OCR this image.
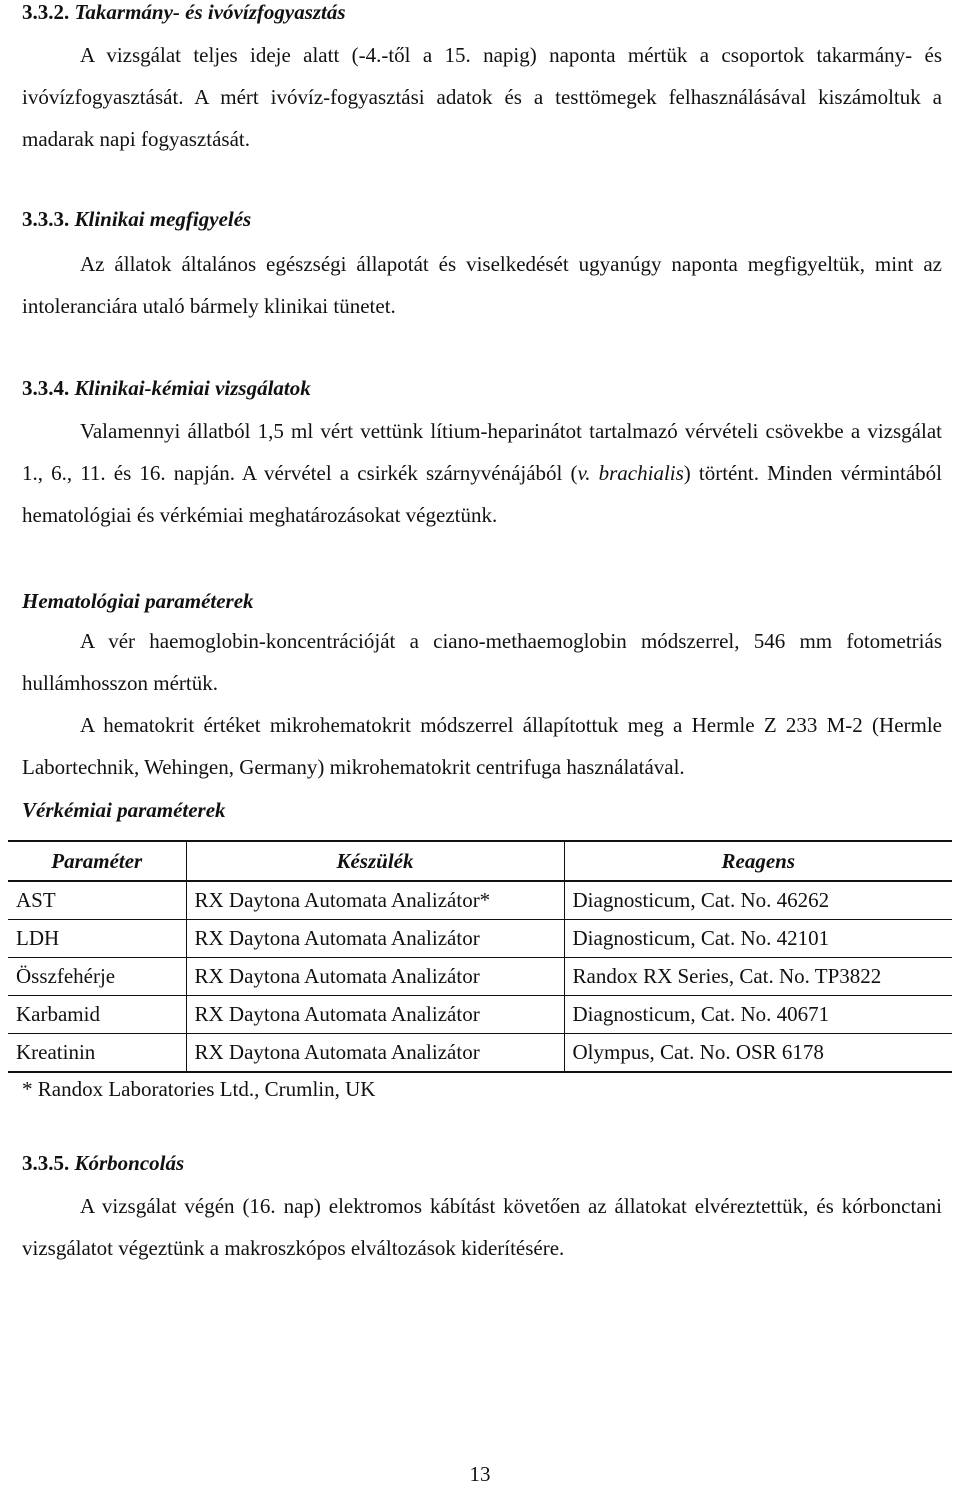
3.3.2. Takarmány- és ivóvízfogyasztás
A vizsgálat teljes ideje alatt (-4.-től a 15. napig) naponta mértük a csoportok takarmány- és ivóvízfogyasztását. A mért ivóvíz-fogyasztási adatok és a testtömegek felhasználásával kiszámoltuk a madarak napi fogyasztását.
3.3.3. Klinikai megfigyelés
Az állatok általános egészségi állapotát és viselkedését ugyanúgy naponta megfigyeltük, mint az intoleranciára utaló bármely klinikai tünetet.
3.3.4. Klinikai-kémiai vizsgálatok
Valamennyi állatból 1,5 ml vért vettünk lítium-heparinátot tartalmazó vérvételi csövekbe a vizsgálat 1., 6., 11. és 16. napján. A vérvétel a csirkék szárnyvénájából (v. brachialis) történt. Minden vérmintából hematológiai és vérkémiai meghatározásokat végeztünk.
Hematológiai paraméterek
A vér haemoglobin-koncentrációját a ciano-methaemoglobin módszerrel, 546 mm fotometriás hullámhosszon mértük.
A hematokrit értéket mikrohematokrit módszerrel állapítottuk meg a Hermle Z 233 M-2 (Hermle Labortechnik, Wehingen, Germany) mikrohematokrit centrifuga használatával.
Vérkémiai paraméterek
Paraméter	Készülék	Reagens
AST	RX Daytona Automata Analizátor*	Diagnosticum, Cat. No. 46262
LDH	RX Daytona Automata Analizátor	Diagnosticum, Cat. No. 42101
Összfehérje	RX Daytona Automata Analizátor	Randox RX Series, Cat. No. TP3822
Karbamid	RX Daytona Automata Analizátor	Diagnosticum, Cat. No. 40671
Kreatinin	RX Daytona Automata Analizátor	Olympus, Cat. No. OSR 6178
* Randox Laboratories Ltd., Crumlin, UK
3.3.5. Kórboncolás
A vizsgálat végén (16. nap) elektromos kábítást követően az állatokat elvéreztettük, és kórbonctani vizsgálatot végeztünk a makroszkópos elváltozások kiderítésére.
13
